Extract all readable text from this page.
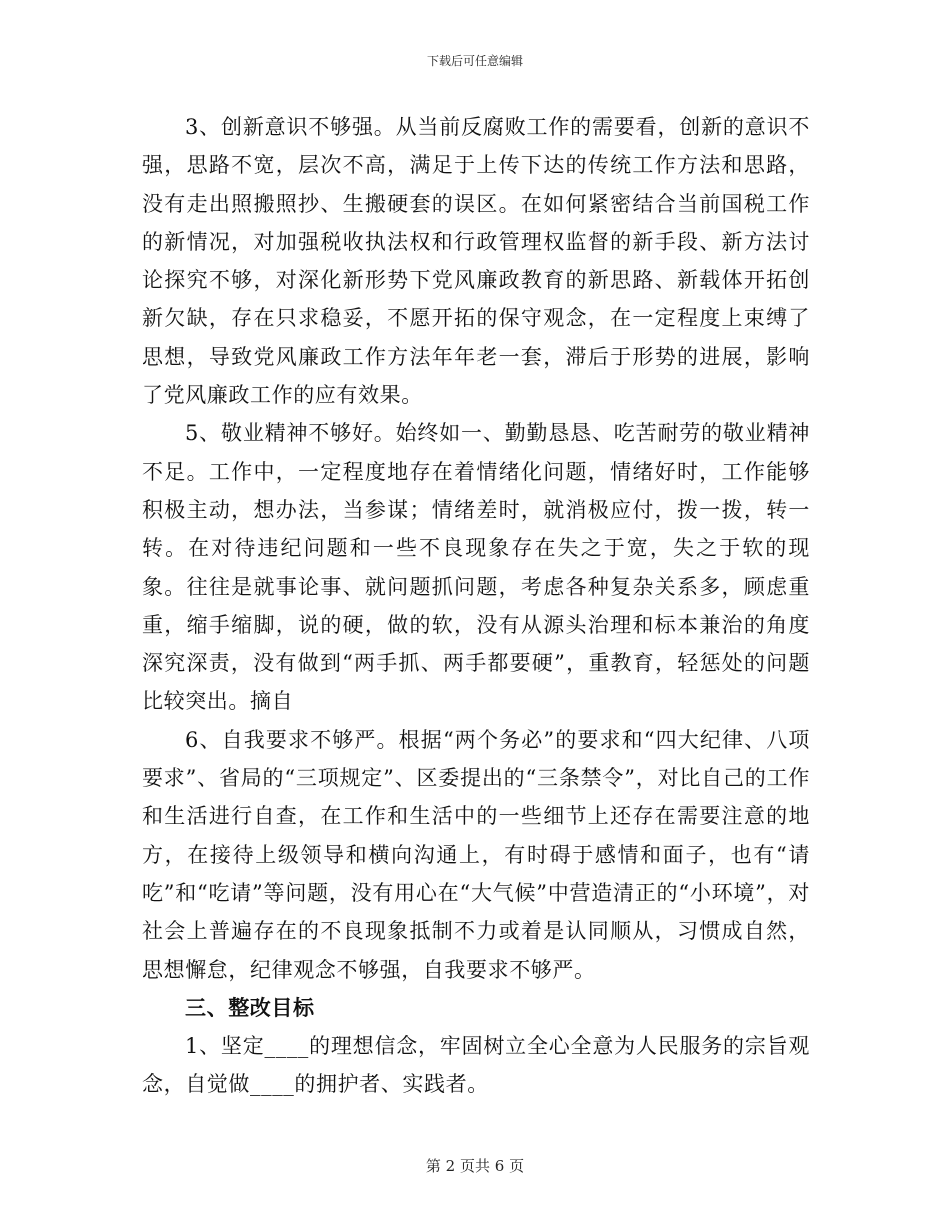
下载后可任意编辑

3、创新意识不够强。从当前反腐败工作的需要看，创新的意识不强，思路不宽，层次不高，满足于上传下达的传统工作方法和思路，没有走出照搬照抄、生搬硬套的误区。在如何紧密结合当前国税工作的新情况，对加强税收执法权和行政管理权监督的新手段、新方法讨论探究不够，对深化新形势下党风廉政教育的新思路、新载体开拓创新欠缺，存在只求稳妥，不愿开拓的保守观念，在一定程度上束缚了思想，导致党风廉政工作方法年年老一套，滞后于形势的进展，影响了党风廉政工作的应有效果。

5、敬业精神不够好。始终如一、勤勤恳恳、吃苦耐劳的敬业精神不足。工作中，一定程度地存在着情绪化问题，情绪好时，工作能够积极主动，想办法，当参谋；情绪差时，就消极应付，拨一拨，转一转。在对待违纪问题和一些不良现象存在失之于宽，失之于软的现象。往往是就事论事、就问题抓问题，考虑各种复杂关系多，顾虑重重，缩手缩脚，说的硬，做的软，没有从源头治理和标本兼治的角度深究深责，没有做到“两手抓、两手都要硬”，重教育，轻惩处的问题比较突出。摘自

6、自我要求不够严。根据“两个务必”的要求和“四大纪律、八项要求”、省局的“三项规定”、区委提出的“三条禁令”，对比自己的工作和生活进行自查，在工作和生活中的一些细节上还存在需要注意的地方，在接待上级领导和横向沟通上，有时碍于感情和面子，也有“请吃”和“吃请”等问题，没有用心在“大气候”中营造清正的“小环境”，对社会上普遍存在的不良现象抵制不力或着是认同顺从，习惯成自然，思想懈怠，纪律观念不够强，自我要求不够严。

三、整改目标

1、坚定____的理想信念，牢固树立全心全意为人民服务的宗旨观念，自觉做____的拥护者、实践者。

第 2 页共 6 页
